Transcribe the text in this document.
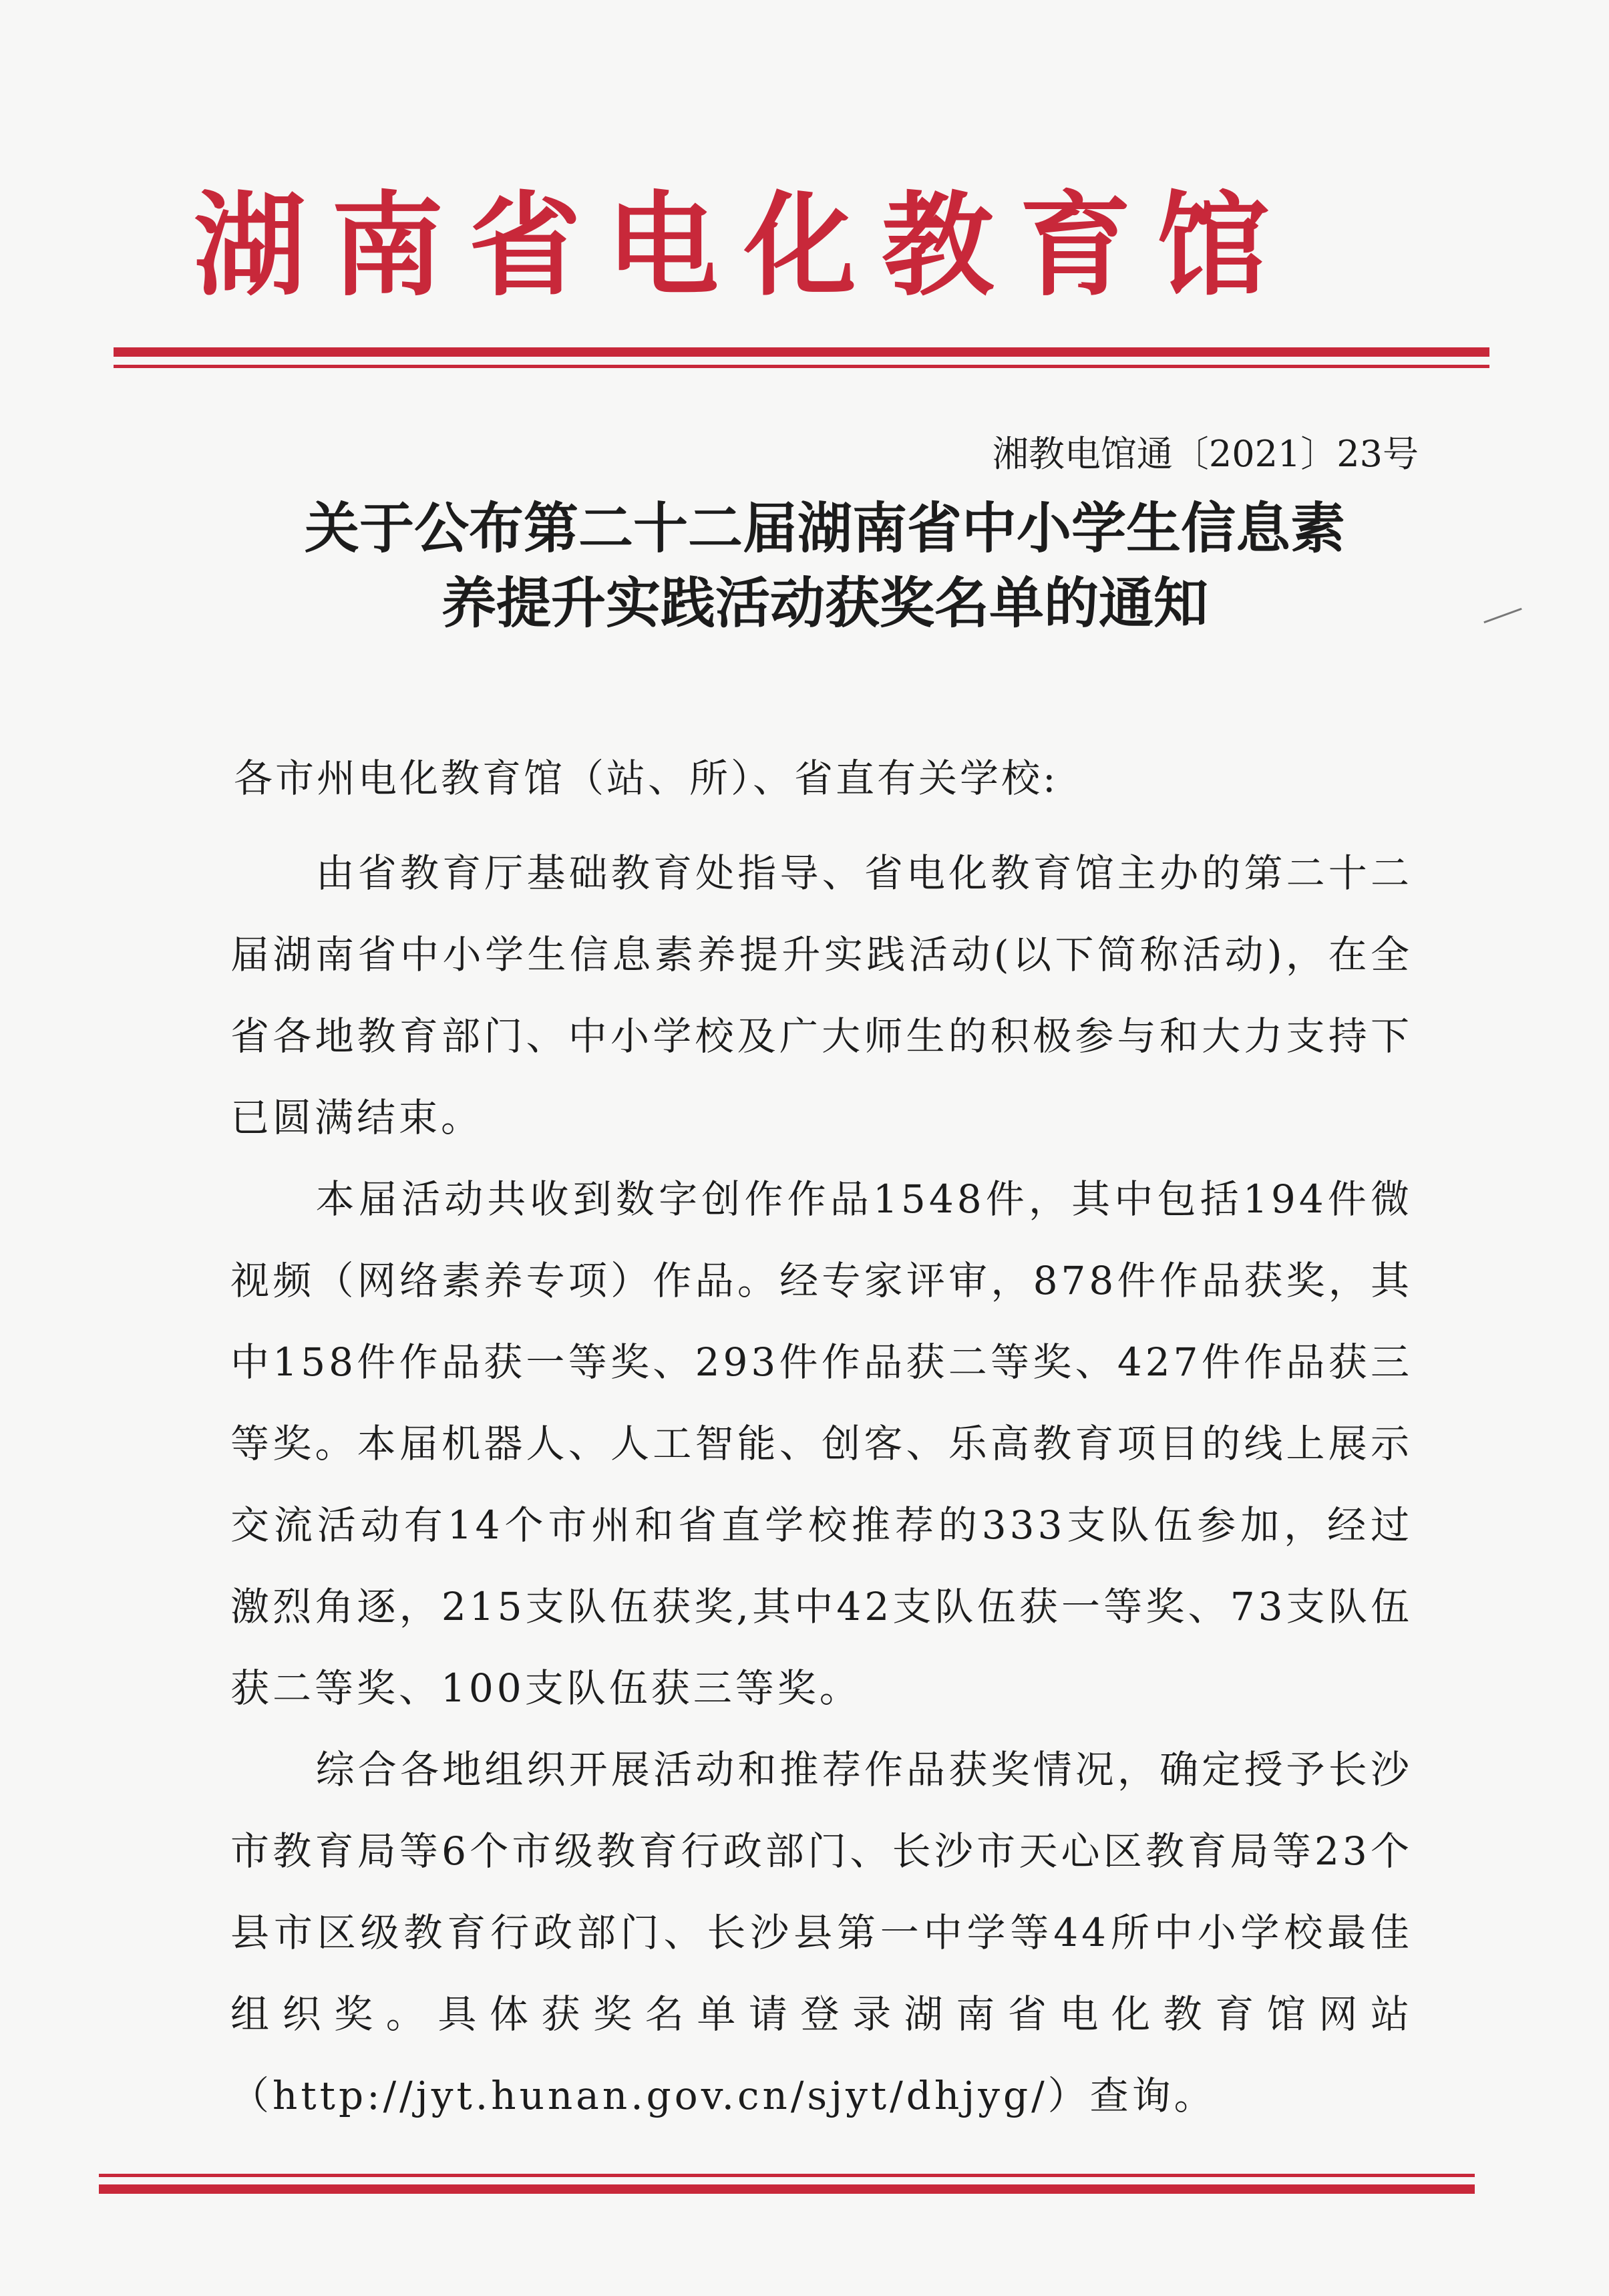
湖南省电化教育馆
湘教电馆通〔2021〕23号
关于公布第二十二届湖南省中小学生信息素
养提升实践活动获奖名单的通知
各市州电化教育馆（站、所）、省直有关学校:

由省教育厅基础教育处指导、省电化教育馆主办的第二十二届湖南省中小学生信息素养提升实践活动(以下简称活动)，在全省各地教育部门、中小学校及广大师生的积极参与和大力支持下已圆满结束。

本届活动共收到数字创作作品1548件，其中包括194件微视频（网络素养专项）作品。经专家评审，878件作品获奖，其中158件作品获一等奖、293件作品获二等奖、427件作品获三等奖。本届机器人、人工智能、创客、乐高教育项目的线上展示交流活动有14个市州和省直学校推荐的333支队伍参加，经过激烈角逐，215支队伍获奖,其中42支队伍获一等奖、73支队伍获二等奖、100支队伍获三等奖。

综合各地组织开展活动和推荐作品获奖情况，确定授予长沙市教育局等6个市级教育行政部门、长沙市天心区教育局等23个县市区级教育行政部门、长沙县第一中学等44所中小学校最佳组织奖。具体获奖名单请登录湖南省电化教育馆网站（http://jyt.hunan.gov.cn/sjyt/dhjyg/）查询。
